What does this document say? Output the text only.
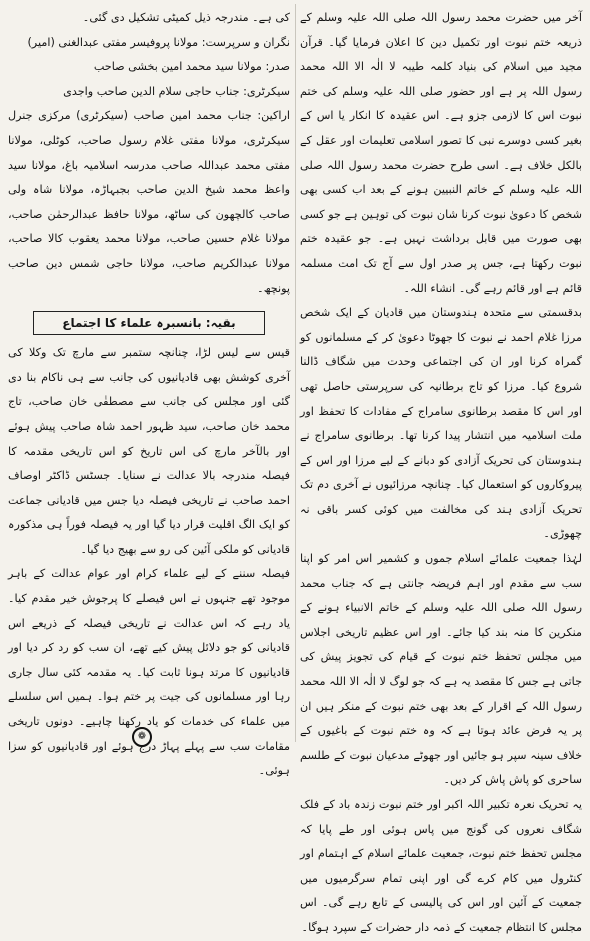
آخر میں حضرت محمد رسول اللہ صلی اللہ علیہ وسلم کے ذریعہ ختم نبوت اور تکمیل دین کا اعلان فرمایا گیا۔ قرآن مجید میں اسلام کی بنیاد کلمہ طیبہ لا الٰہ الا اللہ محمد رسول اللہ پر ہے اور حضور صلی اللہ علیہ وسلم کی ختم نبوت اس کا لازمی جزو ہے۔ اس عقیدہ کا انکار یا اس کے بغیر کسی دوسرے نبی کا تصور اسلامی تعلیمات اور عقل کے بالکل خلاف ہے۔ اسی طرح حضرت محمد رسول اللہ صلی اللہ علیہ وسلم کے خاتم النبیین ہونے کے بعد اب کسی بھی شخص کا دعویٰ نبوت کرنا شان نبوت کی توہین ہے جو کسی بھی صورت میں قابل برداشت نہیں ہے۔ جو عقیدہ ختم نبوت رکھتا ہے، جس پر صدر اول سے آج تک امت مسلمہ قائم ہے اور قائم رہے گی۔ انشاء اللہ۔

بدقسمتی سے متحدہ ہندوستان میں قادیان کے ایک شخص مرزا غلام احمد نے نبوت کا جھوٹا دعویٰ کر کے مسلمانوں کو گمراہ کرنا اور ان کی اجتماعی وحدت میں شگاف ڈالنا شروع کیا۔ مرزا کو تاج برطانیہ کی سرپرستی حاصل تھی اور اس کا مقصد برطانوی سامراج کے مفادات کا تحفظ اور ملت اسلامیہ میں انتشار پیدا کرنا تھا۔ برطانوی سامراج نے ہندوستان کی تحریک آزادی کو دبانے کے لیے مرزا اور اس کے پیروکاروں کو استعمال کیا۔ چنانچہ مرزائیوں نے آخری دم تک تحریک آزادی ہند کی مخالفت میں کوئی کسر باقی نہ چھوڑی۔

لہٰذا جمعیت علمائے اسلام جموں و کشمیر اس امر کو اپنا سب سے مقدم اور اہم فریضہ جانتی ہے کہ جناب محمد رسول اللہ صلی اللہ علیہ وسلم کے خاتم الانبیاء ہونے کے منکرین کا منہ بند کیا جائے۔ اور اس عظیم تاریخی اجلاس میں مجلس تحفظ ختم نبوت کے قیام کی تجویز پیش کی جاتی ہے جس کا مقصد یہ ہے کہ جو لوگ لا الٰہ الا اللہ محمد رسول اللہ کے اقرار کے بعد بھی ختم نبوت کے منکر ہیں ان پر یہ فرض عائد ہوتا ہے کہ وہ ختم نبوت کے باغیوں کے خلاف سینہ سپر ہو جائیں اور جھوٹے مدعیان نبوت کے طلسم ساحری کو پاش پاش کر دیں۔

یہ تحریک نعرہ تکبیر اللہ اکبر اور ختم نبوت زندہ باد کے فلک شگاف نعروں کی گونج میں پاس ہوئی اور طے پایا کہ مجلس تحفظ ختم نبوت، جمعیت علمائے اسلام کے اہتمام اور کنٹرول میں کام کرے گی اور اپنی تمام سرگرمیوں میں جمعیت کے آئین اور اس کی پالیسی کے تابع رہے گی۔ اس مجلس کا انتظام جمعیت کے ذمہ دار حضرات کے سپرد ہوگا۔

کی ہے۔ مندرجہ ذیل کمیٹی تشکیل دی گئی۔

نگران و سرپرست: مولانا پروفیسر مفتی عبدالغنی (امیر)

صدر: مولانا سید محمد امین بخشی صاحب

سیکرٹری: جناب حاجی سلام الدین صاحب واجدی

اراکین: جناب محمد امین صاحب (سیکرٹری) مرکزی جنرل سیکرٹری، مولانا مفتی غلام رسول صاحب، کوٹلی، مولانا مفتی محمد عبداللہ صاحب مدرسہ اسلامیہ باغ، مولانا سید واعظ محمد شیخ الدین صاحب بجبہاڑہ، مولانا شاہ ولی صاحب کالچھون کی ساٹھ، مولانا حافظ عبدالرحمٰن صاحب، مولانا غلام حسین صاحب، مولانا محمد یعقوب کالا صاحب، مولانا عبدالکریم صاحب، مولانا حاجی شمس دین صاحب پونچھ۔

بقیہ: بانسبرہ علماء کا اجتماع

قیس سے لیس لڑا، چنانچہ ستمبر سے مارچ تک وکلا کی آخری کوشش بھی قادیانیوں کی جانب سے ہی ناکام بنا دی گئی اور مجلس کی جانب سے مصطفٰی خان صاحب، تاج محمد خان صاحب، سید ظہور احمد شاہ صاحب پیش ہوئے اور بالآخر مارچ کی اس تاریخ کو اس تاریخی مقدمہ کا فیصلہ مندرجہ بالا عدالت نے سنایا۔ جسٹس ڈاکٹر اوصاف احمد صاحب نے تاریخی فیصلہ دیا جس میں قادیانی جماعت کو ایک الگ اقلیت قرار دیا گیا اور یہ فیصلہ فوراً ہی مذکورہ قادیانی کو ملکی آئین کی رو سے بھیج دیا گیا۔

فیصلہ سننے کے لیے علماء کرام اور عوام عدالت کے باہر موجود تھے جنہوں نے اس فیصلے کا پرجوش خیر مقدم کیا۔ یاد رہے کہ اس عدالت نے تاریخی فیصلہ کے ذریعے اس قادیانی کو جو دلائل پیش کیے تھے، ان سب کو رد کر دیا اور قادیانیوں کا مرتد ہونا ثابت کیا۔ یہ مقدمہ کئی سال جاری رہا اور مسلمانوں کی جیت پر ختم ہوا۔ ہمیں اس سلسلے میں علماء کی خدمات کو یاد رکھنا چاہیے۔ دونوں تاریخی مقامات سب سے پہلے پہاڑ درج ہوئے اور قادیانیوں کو سزا ہوئی۔

❁
